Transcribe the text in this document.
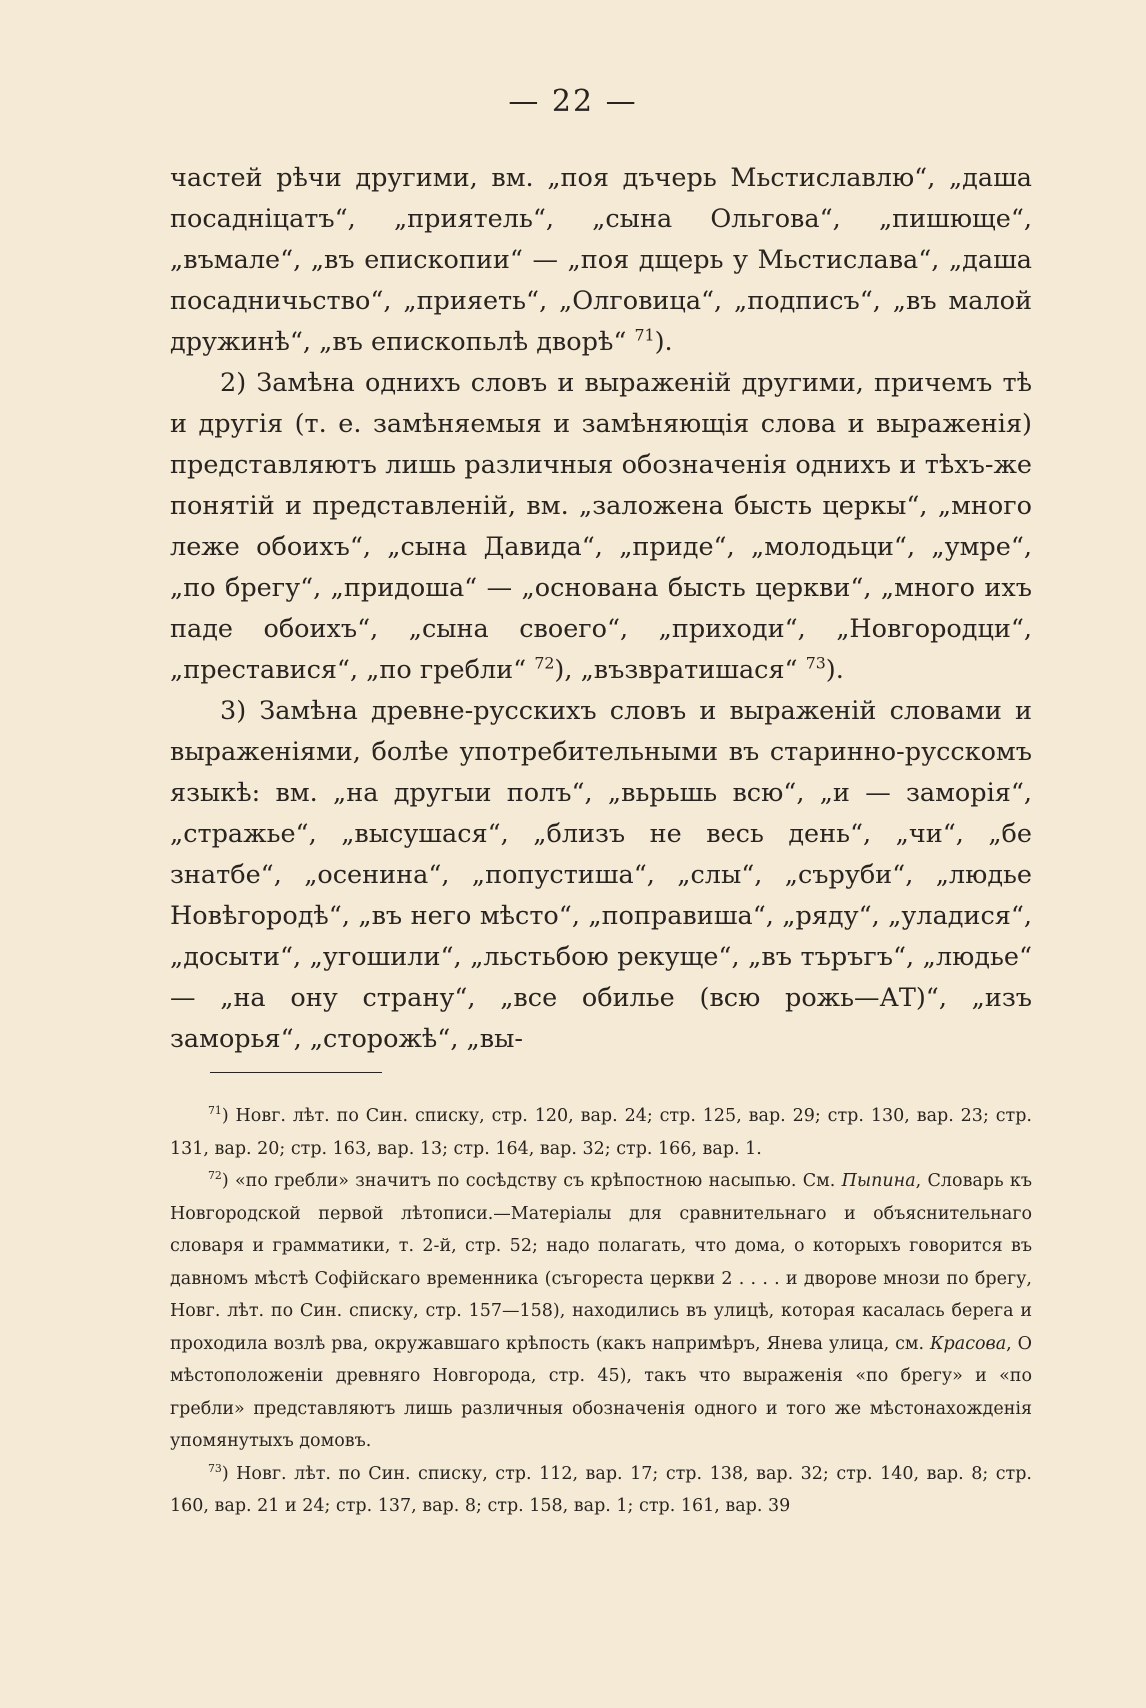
— 22 —

частей рѣчи другими, вм. „поя дъчерь Мьстиславлю“, „даша посадніцатъ“, „приятель“, „сына Ольгова“, „пишюще“, „въмале“, „въ епископии“ — „поя дщерь у Мьстислава“, „даша посадничьство“, „прияеть“, „Олговица“, „подписъ“, „въ малой дружинѣ“, „въ епископьлѣ дворѣ“ $^{71}$).

2) Замѣна однихъ словъ и выраженій другими, причемъ тѣ и другія (т. е. замѣняемыя и замѣняющія слова и выраженія) представляютъ лишь различныя обозначенія однихъ и тѣхъ-же понятій и представленій, вм. „заложена бысть церкы“, „много леже обоихъ“, „сына Давида“, „приде“, „молодьци“, „умре“, „по брегу“, „придоша“ — „основана бысть церкви“, „много ихъ паде обоихъ“, „сына своего“, „приходи“, „Новгородци“, „преставися“, „по гребли“ $^{72}$), „възвратишася“ $^{73}$).

3) Замѣна древне-русскихъ словъ и выраженій словами и выраженіями, болѣе употребительными въ старинно-русскомъ языкѣ: вм. „на другыи полъ“, „вьрьшь всю“, „и — заморія“, „стражье“, „высушася“, „близъ не весь день“, „чи“, „бе знатбе“, „осенина“, „попустиша“, „слы“, „съруби“, „людье Новѣгородѣ“, „въ него мѣсто“, „поправиша“, „ряду“, „уладися“, „досыти“, „угошили“, „льстьбою рекуще“, „въ търъгъ“, „людье“ — „на ону страну“, „все обилье (всю рожь—АТ)“, „изъ заморья“, „сторожѣ“, „вы-

$^{71}$) Новг. лѣт. по Син. списку, стр. 120, вар. 24; стр. 125, вар. 29; стр. 130, вар. 23; стр. 131, вар. 20; стр. 163, вар. 13; стр. 164, вар. 32; стр. 166, вар. 1.

$^{72}$) «по гребли» значитъ по сосѣдству съ крѣпостною насыпью. См. Пыпина, Словарь къ Новгородской первой лѣтописи.—Матеріалы для сравнительнаго и объяснительнаго словаря и грамматики, т. 2-й, стр. 52; надо полагать, что дома, о которыхъ говорится въ давномъ мѣстѣ Софійскаго временника (съгореста церкви 2 . . . . и дворове мнози по брегу, Новг. лѣт. по Син. списку, стр. 157—158), находились въ улицѣ, которая касалась берега и проходила возлѣ рва, окружавшаго крѣпость (какъ напримѣръ, Янева улица, см. Красова, О мѣстоположеніи древняго Новгорода, стр. 45), такъ что выраженія «по брегу» и «по гребли» представляютъ лишь различныя обозначенія одного и того же мѣстонахожденія упомянутыхъ домовъ.

$^{73}$) Новг. лѣт. по Син. списку, стр. 112, вар. 17; стр. 138, вар. 32; стр. 140, вар. 8; стр. 160, вар. 21 и 24; стр. 137, вар. 8; стр. 158, вар. 1; стр. 161, вар. 39
